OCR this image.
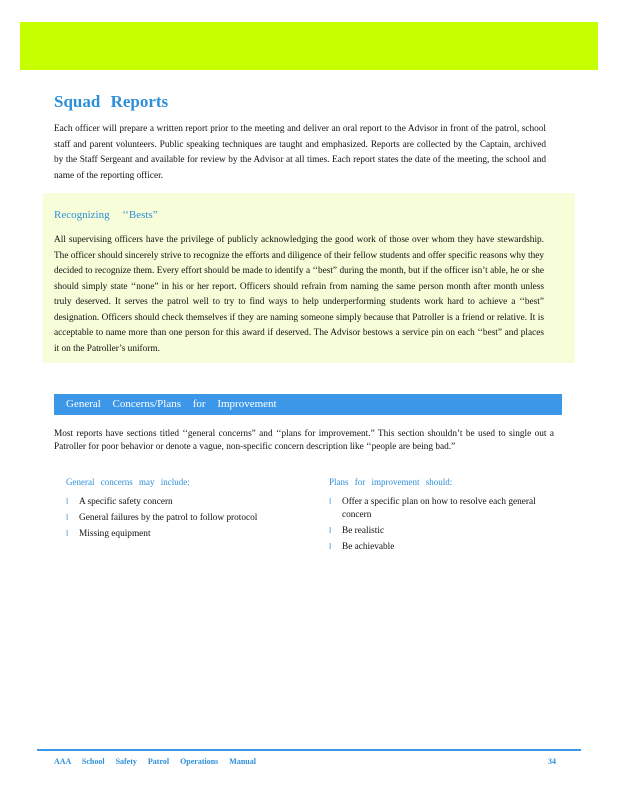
Squad Reports
Each officer will prepare a written report prior to the meeting and deliver an oral report to the Advisor in front of the patrol, school staff and parent volunteers. Public speaking techniques are taught and emphasized. Reports are collected by the Captain, archived by the Staff Sergeant and available for review by the Advisor at all times. Each report states the date of the meeting, the school and name of the reporting officer.
Recognizing ‘‘Bests”
All supervising officers have the privilege of publicly acknowledging the good work of those over whom they have stewardship. The officer should sincerely strive to recognize the efforts and diligence of their fellow students and offer specific reasons why they decided to recognize them. Every effort should be made to identify a ‘‘best” during the month, but if the officer isn’t able, he or she should simply state ‘‘none” in his or her report. Officers should refrain from naming the same person month after month unless truly deserved. It serves the patrol well to try to find ways to help underperforming students work hard to achieve a ‘‘best” designation. Officers should check themselves if they are naming someone simply because that Patroller is a friend or relative. It is acceptable to name more than one person for this award if deserved. The Advisor bestows a service pin on each ‘‘best” and places it on the Patroller’s uniform.
General Concerns/Plans for Improvement
Most reports have sections titled ‘‘general concerns” and ‘‘plans for improvement.” This section shouldn’t be used to single out a Patroller for poor behavior or denote a vague, non-specific concern description like ‘‘people are being bad.”
General concerns may include:
l A specific safety concern
l General failures by the patrol to follow protocol
l Missing equipment
Plans for improvement should:
l Offer a specific plan on how to resolve each general concern
l Be realistic
l Be achievable
AAA School Safety Patrol Operations Manual	34
